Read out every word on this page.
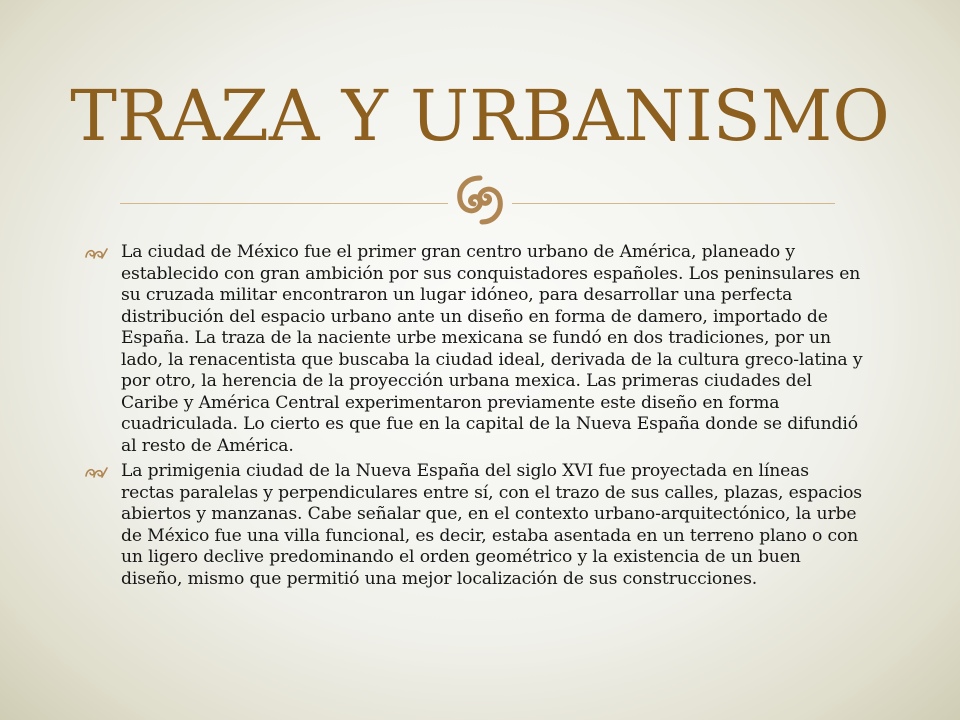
TRAZA Y URBANISMO

La ciudad de México fue el primer gran centro urbano de América, planeado y establecido con gran ambición por sus conquistadores españoles. Los peninsulares en su cruzada militar encontraron un lugar idóneo, para desarrollar una perfecta distribución del espacio urbano ante un diseño en forma de damero, importado de España. La traza de la naciente urbe mexicana se fundó en dos tradiciones, por un lado, la renacentista que buscaba la ciudad ideal, derivada de la cultura greco-latina y por otro, la herencia de la proyección urbana mexica. Las primeras ciudades del Caribe y América Central experimentaron previamente este diseño en forma cuadriculada. Lo cierto es que fue en la capital de la Nueva España donde se difundió al resto de América.

La primigenia ciudad de la Nueva España del siglo XVI fue proyectada en líneas rectas paralelas y perpendiculares entre sí, con el trazo de sus calles, plazas, espacios abiertos y manzanas. Cabe señalar que, en el contexto urbano-arquitectónico, la urbe de México fue una villa funcional, es decir, estaba asentada en un terreno plano o con un ligero declive predominando el orden geométrico y la existencia de un buen diseño, mismo que permitió una mejor localización de sus construcciones.
